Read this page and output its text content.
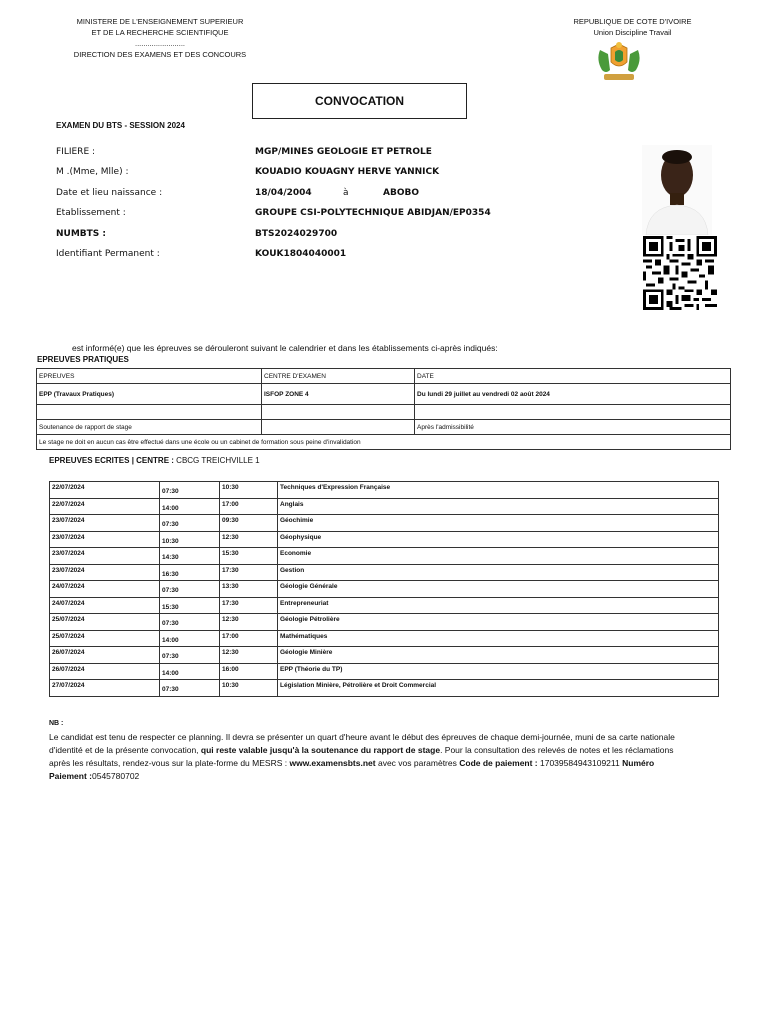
MINISTERE DE L'ENSEIGNEMENT SUPERIEUR
ET DE LA RECHERCHE SCIENTIFIQUE
........................
DIRECTION DES EXAMENS ET DES CONCOURS
REPUBLIQUE DE COTE D'IVOIRE
Union Discipline Travail
CONVOCATION
EXAMEN DU BTS - SESSION 2024
FILIERE :	MGP/MINES GEOLOGIE ET PETROLE
M .(Mme, Mlle) :	KOUADIO KOUAGNY HERVE YANNICK
Date et lieu naissance :	18/04/2004	à	ABOBO
Etablissement :	GROUPE CSI-POLYTECHNIQUE ABIDJAN/EP0354
NUMBTS :	BTS2024029700
Identifiant Permanent :	KOUK1804040001
est informé(e) que les épreuves se dérouleront suivant le calendrier et dans les établissements ci-après indiqués:
EPREUVES PRATIQUES
EPREUVES	CENTRE D'EXAMEN	DATE
EPP (Travaux Pratiques)	ISFOP ZONE 4	Du lundi 29 juillet au vendredi 02 août 2024

Soutenance de rapport de stage		Après l'admissibilité
Le stage ne doit en aucun cas être effectué dans une école ou un cabinet de formation sous peine d'invalidation		
EPREUVES ECRITES | CENTRE : CBCG TREICHVILLE 1
22/07/2024	07:30	10:30	Techniques d'Expression Française
22/07/2024	14:00	17:00	Anglais
23/07/2024	07:30	09:30	Géochimie
23/07/2024	10:30	12:30	Géophysique
23/07/2024	14:30	15:30	Economie
23/07/2024	16:30	17:30	Gestion
24/07/2024	07:30	13:30	Géologie Générale
24/07/2024	15:30	17:30	Entrepreneuriat
25/07/2024	07:30	12:30	Géologie Pétrolière
25/07/2024	14:00	17:00	Mathématiques
26/07/2024	07:30	12:30	Géologie Minière
26/07/2024	14:00	16:00	EPP (Théorie du TP)
27/07/2024	07:30	10:30	Législation Minière, Pétrolière et Droit Commercial
NB :
Le candidat est tenu de respecter ce planning. Il devra se présenter un quart d'heure avant le début des épreuves de chaque demi-journée, muni de sa carte nationale d'identité et de la présente convocation, qui reste valable jusqu'à la soutenance du rapport de stage. Pour la consultation des relevés de notes et les réclamations après les résultats, rendez-vous sur la plate-forme du MESRS : www.examensbts.net avec vos paramètres Code de paiement : 17039584943109211 Numéro Paiement :0545780702
